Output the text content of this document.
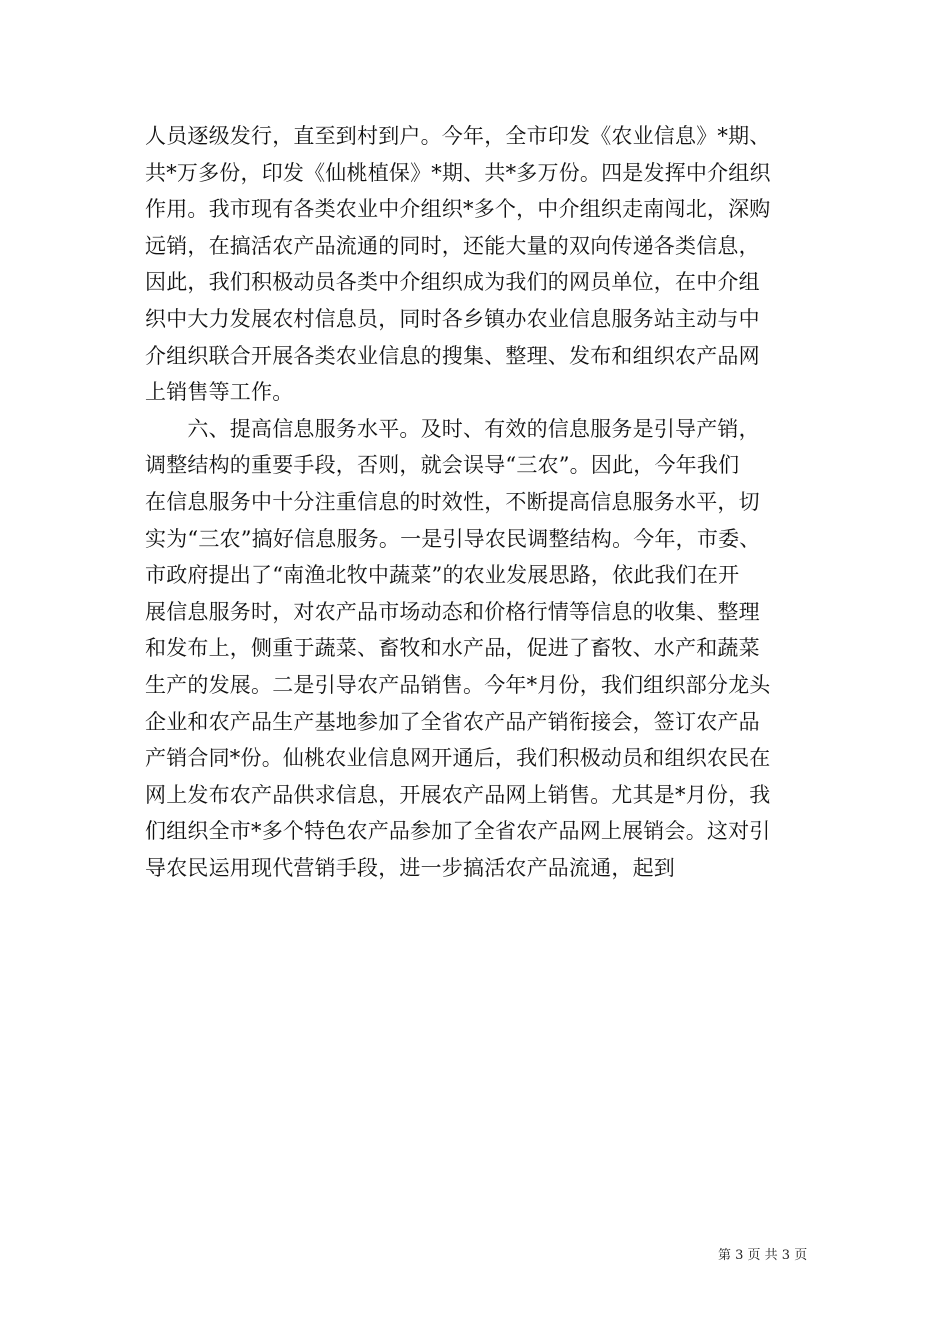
人员逐级发行，直至到村到户。今年，全市印发《农业信息》*期、
共*万多份，印发《仙桃植保》*期、共*多万份。四是发挥中介组织
作用。我市现有各类农业中介组织*多个，中介组织走南闯北，深购
远销，在搞活农产品流通的同时，还能大量的双向传递各类信息，
因此，我们积极动员各类中介组织成为我们的网员单位，在中介组
织中大力发展农村信息员，同时各乡镇办农业信息服务站主动与中
介组织联合开展各类农业信息的搜集、整理、发布和组织农产品网
上销售等工作。
　　六、提高信息服务水平。及时、有效的信息服务是引导产销，
调整结构的重要手段，否则，就会误导“三农”。因此，今年我们
在信息服务中十分注重信息的时效性，不断提高信息服务水平，切
实为“三农”搞好信息服务。一是引导农民调整结构。今年，市委、
市政府提出了“南渔北牧中蔬菜”的农业发展思路，依此我们在开
展信息服务时，对农产品市场动态和价格行情等信息的收集、整理
和发布上，侧重于蔬菜、畜牧和水产品，促进了畜牧、水产和蔬菜
生产的发展。二是引导农产品销售。今年*月份，我们组织部分龙头
企业和农产品生产基地参加了全省农产品产销衔接会，签订农产品
产销合同*份。仙桃农业信息网开通后，我们积极动员和组织农民在
网上发布农产品供求信息，开展农产品网上销售。尤其是*月份，我
们组织全市*多个特色农产品参加了全省农产品网上展销会。这对引
导农民运用现代营销手段，进一步搞活农产品流通，起到
第 3 页 共 3 页
